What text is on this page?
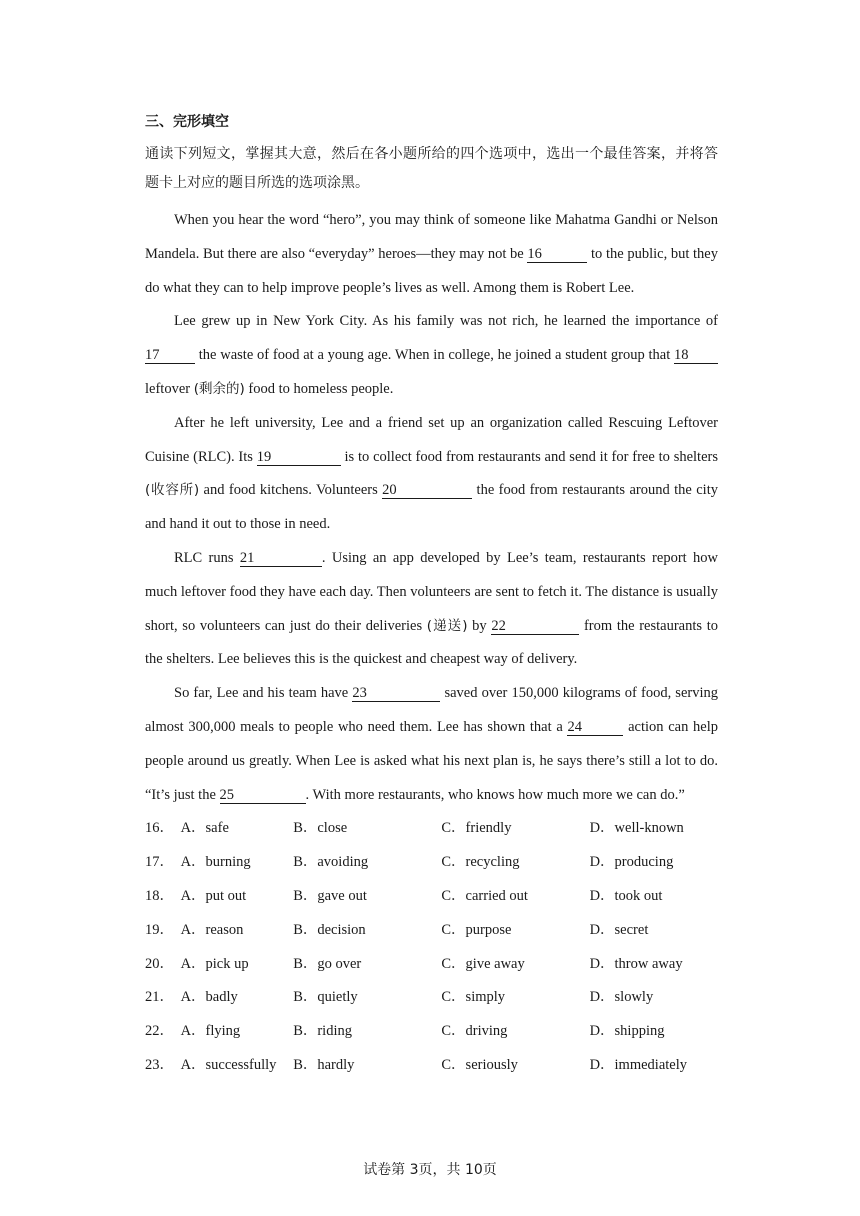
三、完形填空
通读下列短文，掌握其大意，然后在各小题所给的四个选项中，选出一个最佳答案，并将答题卡上对应的题目所选的选项涂黑。

When you hear the word “hero”, you may think of someone like Mahatma Gandhi or Nelson Mandela. But there are also “everyday” heroes—they may not be 16	to the public, but they do what they can to help improve people’s lives as well. Among them is Robert Lee.

Lee grew up in New York City. As his family was not rich, he learned the importance of 17 the waste of food at a young age. When in college, he joined a student group that 18 leftover (剩余的) food to homeless people.

After he left university, Lee and a friend set up an organization called Rescuing Leftover Cuisine (RLC). Its 19	is to collect food from restaurants and send it for free to shelters (收容所) and food kitchens. Volunteers 20	the food from restaurants around the city and hand it out to those in need.

RLC runs 21	. Using an app developed by Lee’s team, restaurants report how much leftover food they have each day. Then volunteers are sent to fetch it. The distance is usually short, so volunteers can just do their deliveries (递送) by 22	from the restaurants to the shelters. Lee believes this is the quickest and cheapest way of delivery.

So far, Lee and his team have 23	saved over 150,000 kilograms of food, serving almost 300,000 meals to people who need them. Lee has shown that a 24	action can help people around us greatly. When Lee is asked what his next plan is, he says there’s still a lot to do. “It’s just the 25	. With more restaurants, who knows how much more we can do.”

16． A．safe	B．close	C．friendly	D．well-known
17． A．burning	B．avoiding	C．recycling	D．producing
18． A．put out	B．gave out	C．carried out	D．took out
19． A．reason	B．decision	C．purpose	D．secret
20． A．pick up	B．go over	C．give away	D．throw away
21． A．badly	B．quietly	C．simply	D．slowly
22． A．flying	B．riding	C．driving	D．shipping
23． A．successfully	B．hardly	C．seriously	D．immediately
试卷第 3页，共 10页
